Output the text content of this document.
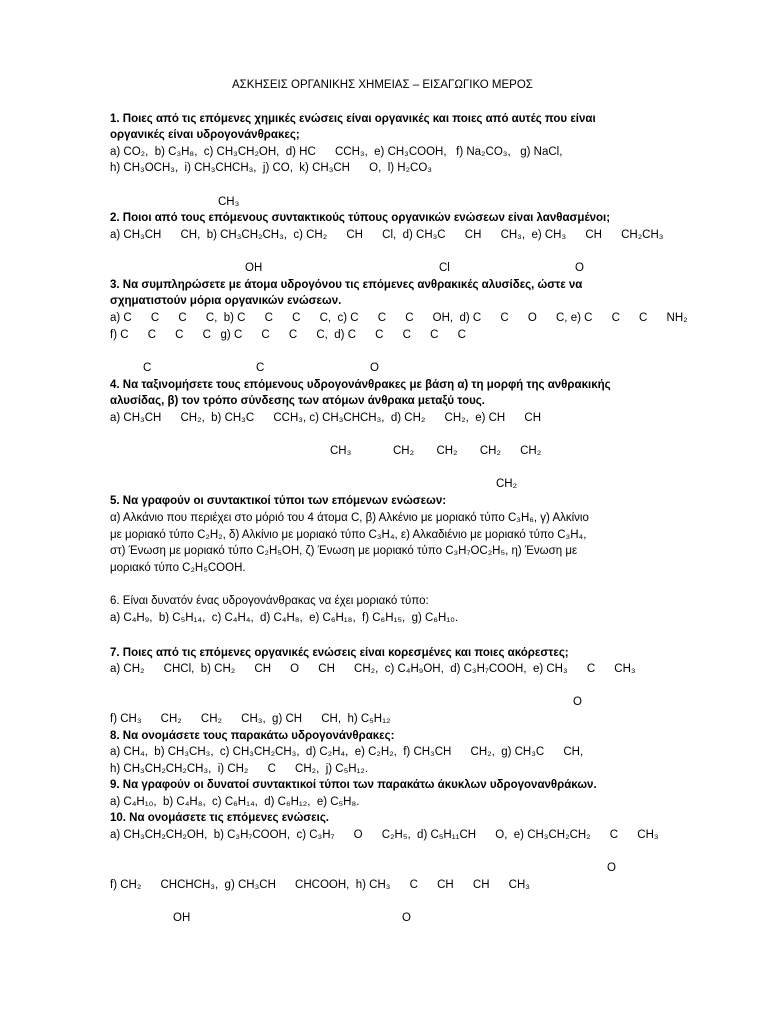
ΑΣΚΗΣΕΙΣ ΟΡΓΑΝΙΚΗΣ ΧΗΜΕΙΑΣ – ΕΙΣΑΓΩΓΙΚΟ ΜΕΡΟΣ
1. Ποιες από τις επόμενες χημικές ενώσεις είναι οργανικές και ποιες από αυτές που είναι
οργανικές είναι υδρογονάνθρακες;
a) CO₂,  b) C₃H₈,  c) CH₃CH₂OH,  d) HC      CCH₃,  e) CH₃COOH,   f) Na₂CO₃,   g) NaCl,
h) CH₃OCH₃,  i) CH₃CHCH₃,  j) CO,  k) CH₃CH      O,  l) H₂CO₃
CH₃
2. Ποιοι από τους επόμενους συντακτικούς τύπους οργανικών ενώσεων είναι λανθασμένοι;
a) CH₃CH      CH,  b) CH₃CH₂CH₃,  c) CH₂      CH      Cl,  d) CH₃C      CH      CH₃,  e) CH₃      CH      CH₂CH₃
OH	Cl	O
3. Να συμπληρώσετε με άτομα υδρογόνου τις επόμενες ανθρακικές αλυσίδες, ώστε να
σχηματιστούν μόρια οργανικών ενώσεων.
a) C      C      C      C,  b) C      C      C      C,  c) C      C      C      OH,  d) C      C      O      C, e) C      C      C      NH₂
f) C      C      C      C   g) C      C      C      C,  d) C      C      C      C      C
C	C	O
4. Να ταξινομήσετε τους επόμενους υδρογονάνθρακες με βάση α) τη μορφή της ανθρακικής
αλυσίδας, β) τον τρόπο σύνδεσης των ατόμων άνθρακα μεταξύ τους.
a) CH₃CH      CH₂,  b) CH₃C      CCH₃, c) CH₃CHCH₃,  d) CH₂      CH₂,  e) CH      CH
CH₃	CH₂       CH₂       CH₂      CH₂
CH₂
5. Να γραφούν οι συντακτικοί τύποι των επόμενων ενώσεων:
α) Αλκάνιο που περιέχει στο μόριό του 4 άτομα C, β) Αλκένιο με μοριακό τύπο C₃H₆, γ) Αλκίνιο
με μοριακό τύπο C₂H₂, δ) Αλκίνιο με μοριακό τύπο C₃H₄, ε) Αλκαδιένιο με μοριακό τύπο C₃H₄,
στ) Ένωση με μοριακό τύπο C₂H₅OH, ζ) Ένωση με μοριακό τύπο C₃H₇OC₂H₅, η) Ένωση με
μοριακό τύπο C₂H₅COOH.
6. Είναι δυνατόν ένας υδρογονάνθρακας να έχει μοριακό τύπο:
a) C₄H₉,  b) C₅H₁₄,  c) C₄H₄,  d) C₄H₈,  e) C₆H₁₈,  f) C₆H₁₅,  g) C₆H₁₀.
7. Ποιες από τις επόμενες οργανικές ενώσεις είναι κορεσμένες και ποιες ακόρεστες;
a) CH₂      CHCl,  b) CH₂      CH      O      CH      CH₂,  c) C₄H₉OH,  d) C₃H₇COOH,  e) CH₃      C      CH₃
O
f) CH₃      CH₂      CH₂      CH₃,  g) CH      CH,  h) C₅H₁₂
8. Να ονομάσετε τους παρακάτω υδρογονάνθρακες:
a) CH₄,  b) CH₃CH₃,  c) CH₃CH₂CH₃,  d) C₂H₄,  e) C₂H₂,  f) CH₃CH      CH₂,  g) CH₃C      CH,
h) CH₃CH₂CH₂CH₃,  i) CH₂      C      CH₂,  j) C₅H₁₂.
9. Να γραφούν οι δυνατοί συντακτικοί τύποι των παρακάτω άκυκλων υδρογονανθράκων.
a) C₄H₁₀,  b) C₄H₈,  c) C₆H₁₄,  d) C₆H₁₂,  e) C₅H₈.
10. Να ονομάσετε τις επόμενες ενώσεις.
a) CH₃CH₂CH₂OH,  b) C₃H₇COOH,  c) C₃H₇      O      C₂H₅,  d) C₅H₁₁CH      O,  e) CH₃CH₂CH₂      C      CH₃
O
f) CH₂      CHCHCH₃,  g) CH₃CH      CHCOOH,  h) CH₃      C      CH      CH      CH₃
OH	O
